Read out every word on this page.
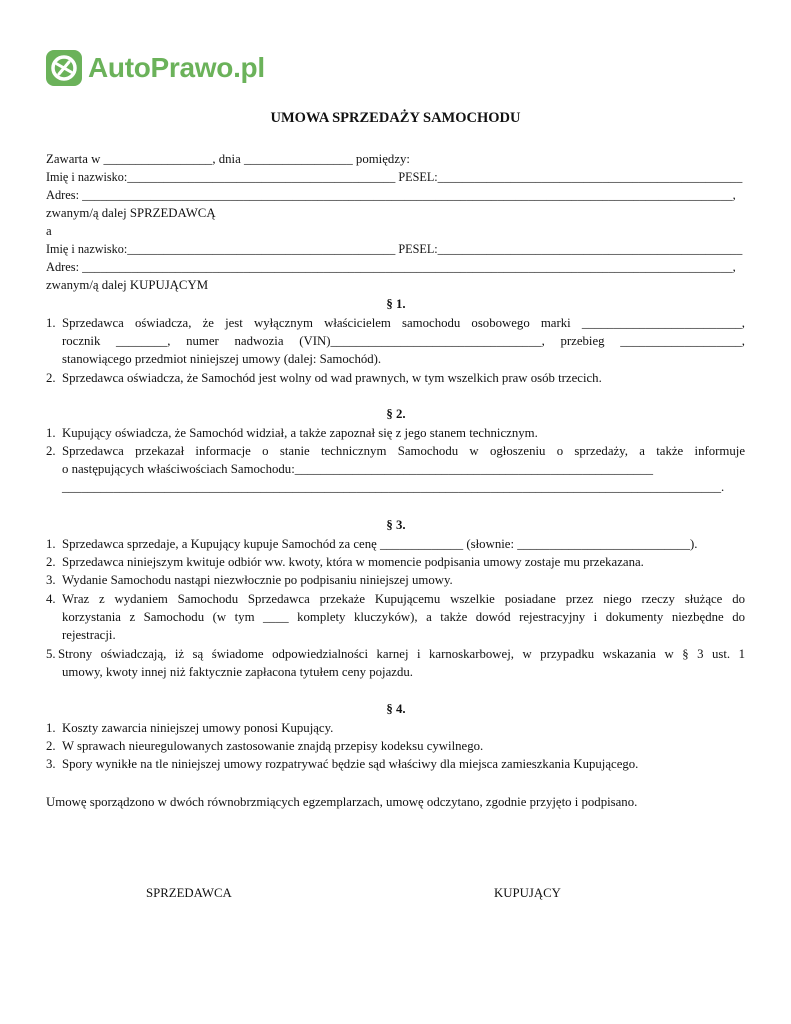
AutoPrawo.pl
UMOWA SPRZEDAŻY SAMOCHODU
Zawarta w _________________, dnia _________________ pomiędzy:
Imię i nazwisko:____________________________________________ PESEL:__________________________________________________
Adres: _________________________________________________________________________________________________________,
zwanym/ą dalej SPRZEDAWCĄ
a
Imię i nazwisko:____________________________________________ PESEL:__________________________________________________
Adres: _________________________________________________________________________________________________________,
zwanym/ą dalej KUPUJĄCYM
§ 1.
1. Sprzedawca oświadcza, że jest wyłącznym właścicielem samochodu osobowego marki _________________________,
rocznik ________, numer nadwozia (VIN)_________________________________, przebieg ___________________,
stanowiącego przedmiot niniejszej umowy (dalej: Samochód).
2. Sprzedawca oświadcza, że Samochód jest wolny od wad prawnych, w tym wszelkich praw osób trzecich.
§ 2.
1. Kupujący oświadcza, że Samochód widział, a także zapoznał się z jego stanem technicznym.
2. Sprzedawca przekazał informacje o stanie technicznym Samochodu w ogłoszeniu o sprzedaży, a także informuje
o następujących właściwościach Samochodu:________________________________________________________
_______________________________________________________________________________________________________.
§ 3.
1. Sprzedawca sprzedaje, a Kupujący kupuje Samochód za cenę _____________ (słownie: ___________________________).
2. Sprzedawca niniejszym kwituje odbiór ww. kwoty, która w momencie podpisania umowy zostaje mu przekazana.
3. Wydanie Samochodu nastąpi niezwłocznie po podpisaniu niniejszej umowy.
4. Wraz z wydaniem Samochodu Sprzedawca przekaże Kupującemu wszelkie posiadane przez niego rzeczy służące do
korzystania z Samochodu (w tym ____ komplety kluczyków), a także dowód rejestracyjny i dokumenty niezbędne do
rejestracji.
5. Strony oświadczają, iż są świadome odpowiedzialności karnej i karnoskarbowej, w przypadku wskazania w § 3 ust. 1
umowy, kwoty innej niż faktycznie zapłacona tytułem ceny pojazdu.
§ 4.
1. Koszty zawarcia niniejszej umowy ponosi Kupujący.
2. W sprawach nieuregulowanych zastosowanie znajdą przepisy kodeksu cywilnego.
3. Spory wynikłe na tle niniejszej umowy rozpatrywać będzie sąd właściwy dla miejsca zamieszkania Kupującego.
Umowę sporządzono w dwóch równobrzmiących egzemplarzach, umowę odczytano, zgodnie przyjęto i podpisano.
SPRZEDAWCA	KUPUJĄCY
